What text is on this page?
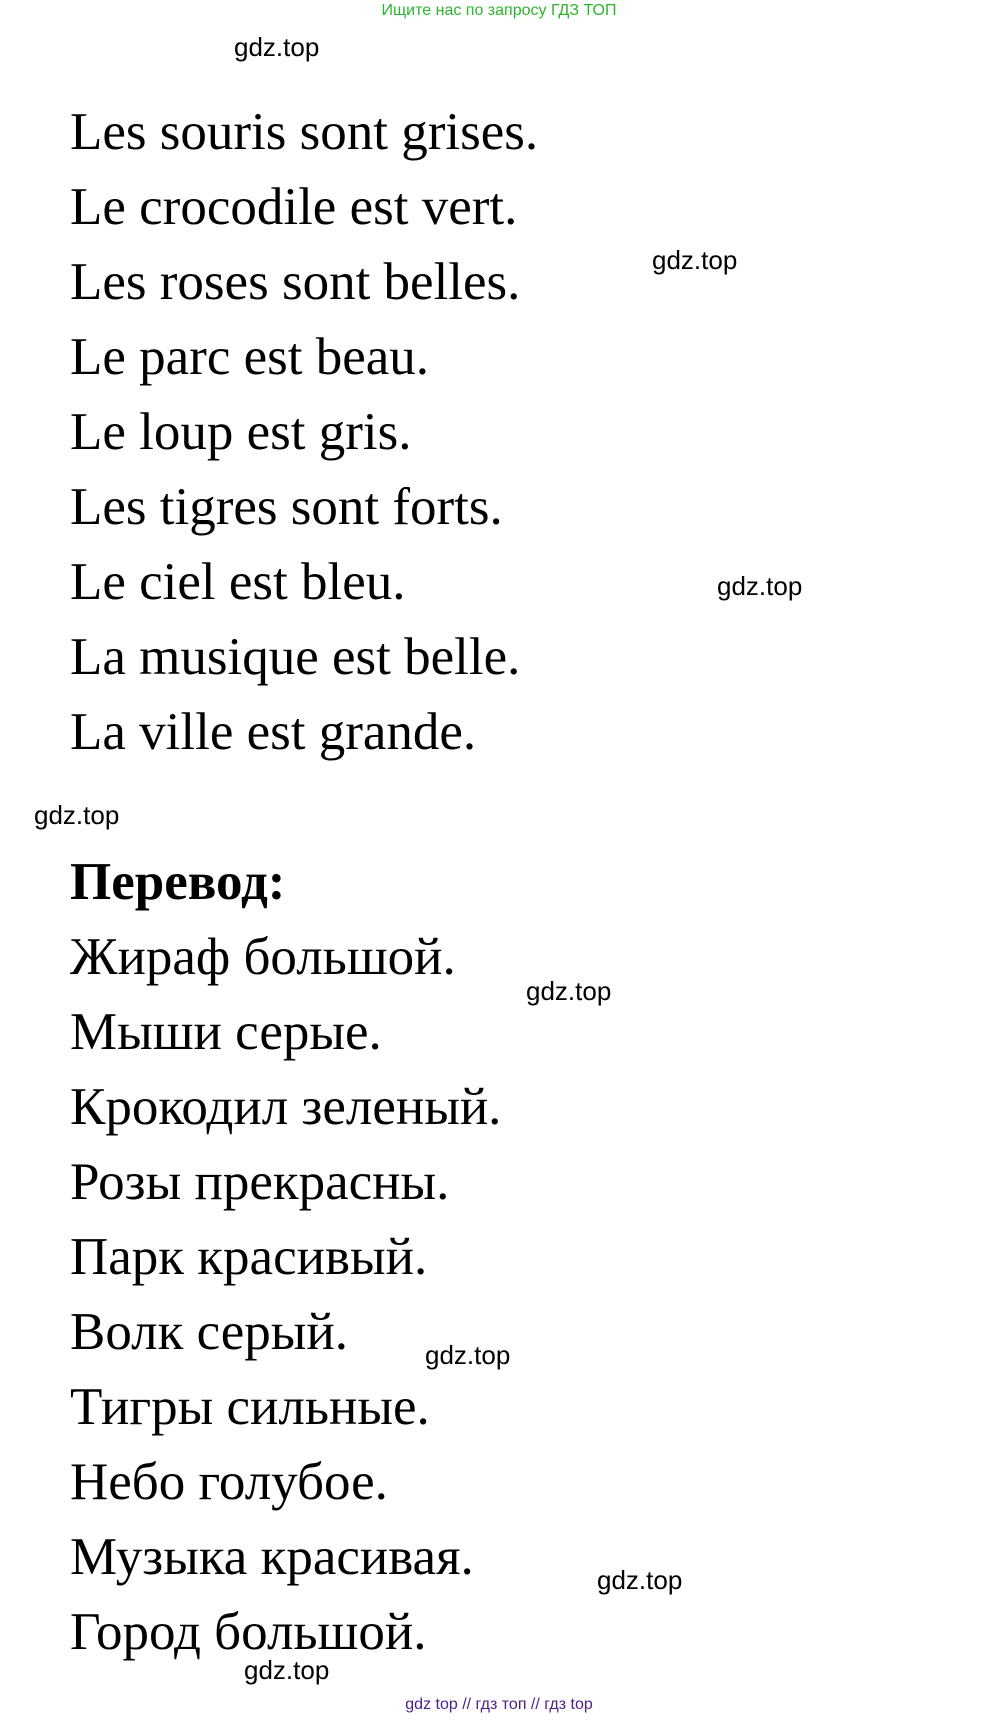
Ищите нас по запросу ГДЗ ТОП
Les souris sont grises.
Le crocodile est vert.
Les roses sont belles.
Le parc est beau.
Le loup est gris.
Les tigres sont forts.
Le ciel est bleu.
La musique est belle.
La ville est grande.
Перевод:
Жираф большой.
Мыши серые.
Крокодил зеленый.
Розы прекрасны.
Парк красивый.
Волк серый.
Тигры сильные.
Небо голубое.
Музыка красивая.
Город большой.
gdz.top
gdz.top
gdz.top
gdz.top
gdz.top
gdz.top
gdz.top
gdz.top
gdz top // гдз топ // гдз top
